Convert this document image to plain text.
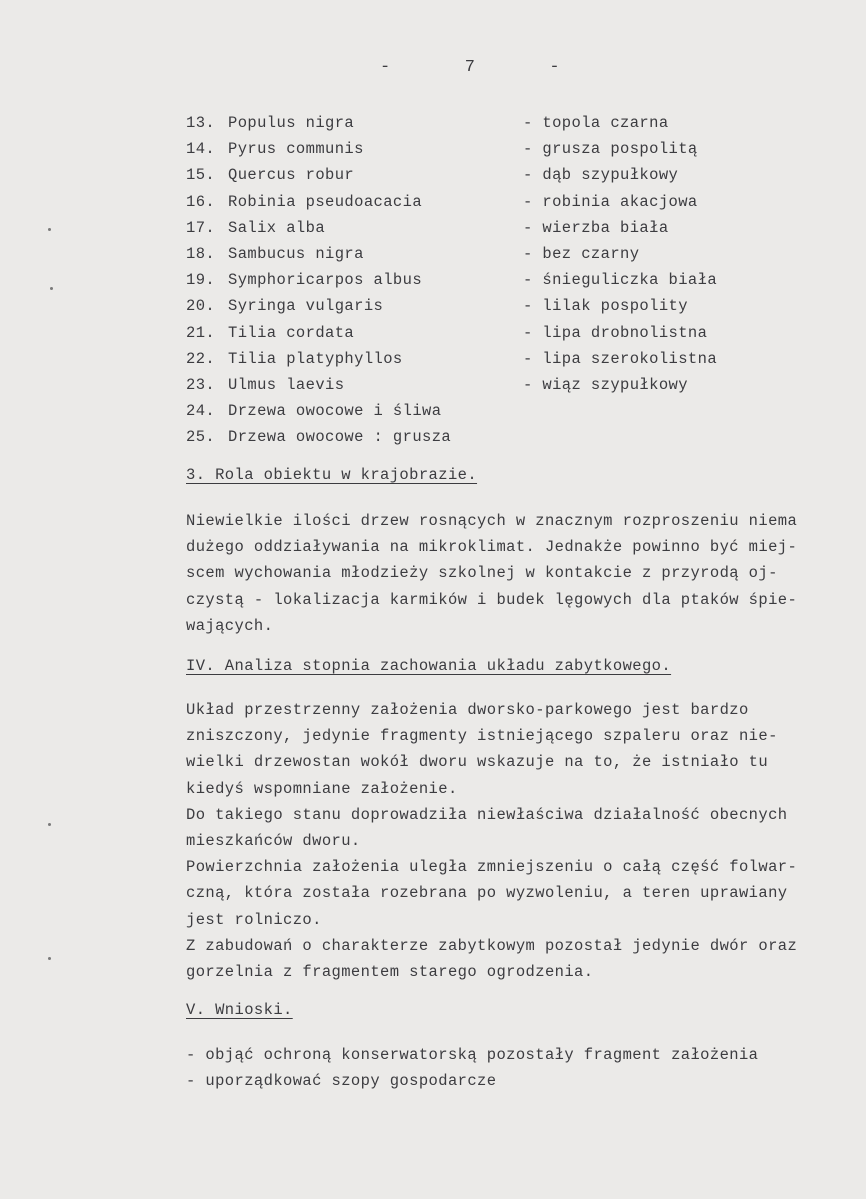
-	7	-
13. Populus nigra	- topola czarna
14. Pyrus communis	- grusza pospolitą
15. Quercus robur	- dąb szypułkowy
16. Robinia pseudoacacia	- robinia akacjowa
17. Salix alba	- wierzba biała
18. Sambucus nigra	- bez czarny
19. Symphoricarpos albus	- śnieguliczka biała
20. Syringa vulgaris	- lilak pospolity
21. Tilia cordata	- lipa drobnolistna
22. Tilia platyphyllos	- lipa szerokolistna
23. Ulmus laevis	- wiąz szypułkowy
24. Drzewa owocowe i śliwa
25. Drzewa owocowe : grusza
3. Rola obiektu w krajobrazie.
Niewielkie ilości drzew rosnących w znacznym rozproszeniu niema
dużego oddziaływania na mikroklimat. Jednakże powinno być miej-
scem wychowania młodzieży szkolnej w kontakcie z przyrodą oj-
czystą - lokalizacja karmików i budek lęgowych dla ptaków śpie-
wających.
IV. Analiza stopnia zachowania układu zabytkowego.
Układ przestrzenny założenia dworsko-parkowego jest bardzo
zniszczony, jedynie fragmenty istniejącego szpaleru oraz nie-
wielki drzewostan wokół dworu wskazuje na to, że istniało tu
kiedyś wspomniane założenie.
Do takiego stanu doprowadziła niewłaściwa działalność obecnych
mieszkańców dworu.
Powierzchnia założenia uległa zmniejszeniu o całą część folwar-
czną, która została rozebrana po wyzwoleniu, a teren uprawiany
jest rolniczo.
Z zabudowań o charakterze zabytkowym pozostał jedynie dwór oraz
gorzelnia z fragmentem starego ogrodzenia.
V. Wnioski.
- objąć ochroną konserwatorską pozostały fragment założenia
- uporządkować szopy gospodarcze
